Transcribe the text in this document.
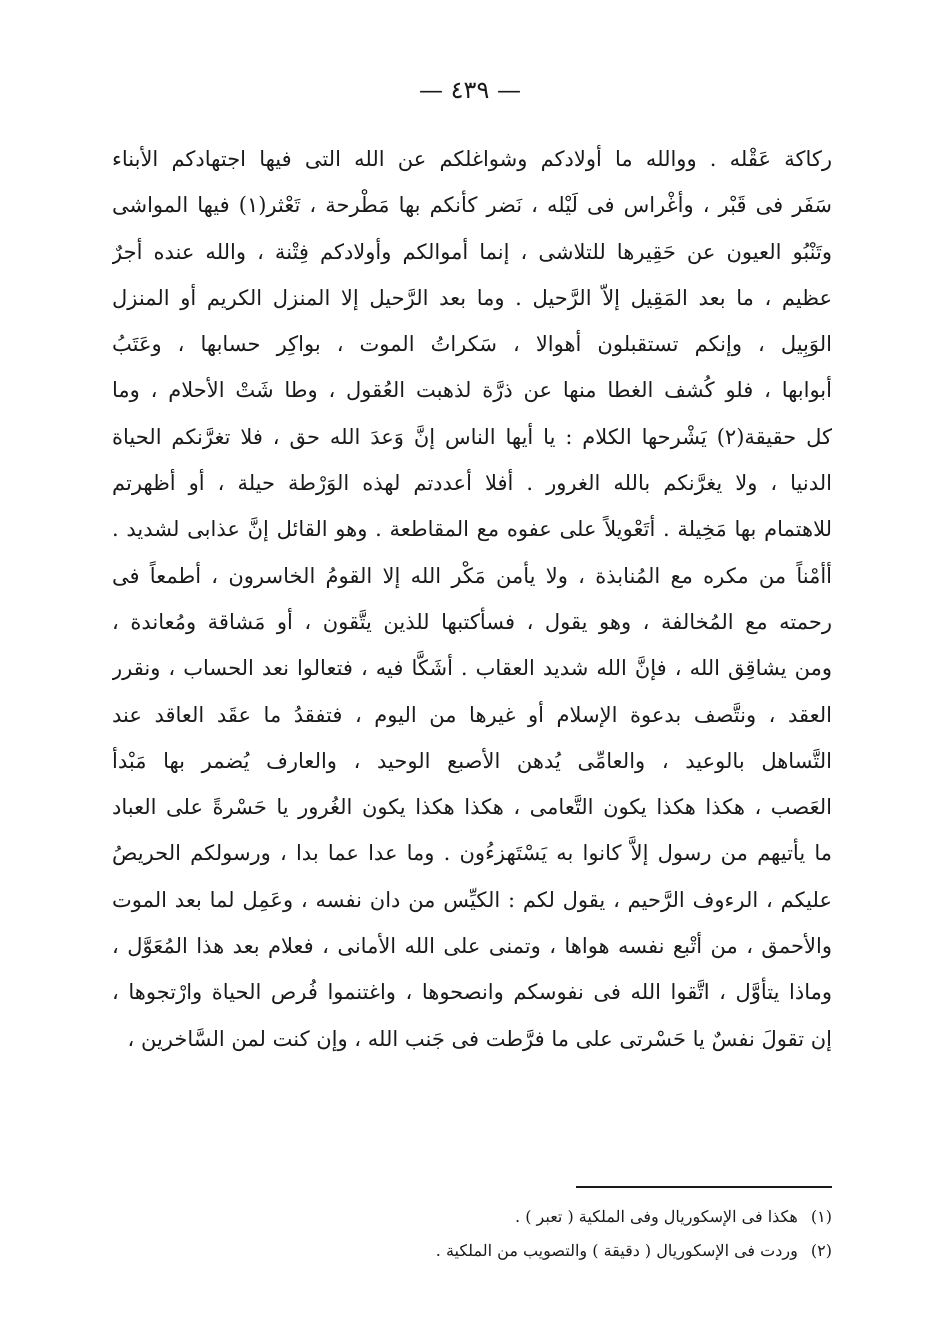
— ٤٣٩ —
ركاكة عَقْله . ووالله ما أولادكم وشواغلكم عن الله التى فيها اجتهادكم الأبناء
سَفَر فى قَبْر ، وأغْراس فى لَيْله ، نَضر كأنكم بها مَطْرحة ، تَعْثر(١) فيها المواشى
وتَنْبُو العيون عن حَقِيرها للتلاشى ، إنما أموالكم وأولادكم فِتْنة ، والله عنده أجرٌ
عظيم ، ما بعد المَقِيل إلاّ الرَّحيل . وما بعد الرَّحيل إلا المنزل الكريم أو المنزل
الوَبِيل ، وإنكم تستقبلون أهوالا ، سَكراتُ الموت ، بواكِر حسابها ، وعَتَبُ
أبوابها ، فلو كُشف الغطا منها عن ذرَّة لذهبت العُقول ، وطا شَتْ الأحلام ، وما
كل حقيقة(٢) يَشْرحها الكلام : يا أيها الناس إنَّ وَعدَ الله حق ، فلا تغرَّنكم الحياة
الدنيا ، ولا يغرَّنكم بالله الغرور . أفلا أعددتم لهذه الوَرْطة حيلة ، أو أظهرتم
للاهتمام بها مَخِيلة . أتَعْويلاً على عفوه مع المقاطعة . وهو القائل إنَّ عذابى لشديد .
أأمْناً من مكره مع المُنابذة ، ولا يأمن مَكْر الله إلا القومُ الخاسرون ، أطمعاً فى
رحمته مع المُخالفة ، وهو يقول ، فسأكتبها للذين يتَّقون ، أو مَشاقة ومُعاندة ،
ومن يشاقِق الله ، فإنَّ الله شديد العقاب . أشَكَّا فيه ، فتعالوا نعد الحساب ، ونقرر
العقد ، ونتَّصف بدعوة الإسلام أو غيرها من اليوم ، فتفقدُ ما عقَد العاقد عند
التَّساهل بالوعيد ، والعامِّى يُدهن الأصبع الوحيد ، والعارف يُضمر بها مَبْدأ
العَصب ، هكذا هكذا يكون التَّعامى ، هكذا هكذا يكون الغُرور يا حَسْرةً على العباد
ما يأتيهم من رسول إلاَّ كانوا به يَسْتَهزءُون . وما عدا عما بدا ، ورسولكم الحريصُ
عليكم ، الرءوف الرَّحيم ، يقول لكم : الكيِّس من دان نفسه ، وعَمِل لما بعد الموت
والأحمق ، من أتْبع نفسه هواها ، وتمنى على الله الأمانى ، فعلام بعد هذا المُعَوَّل ،
وماذا يتأوَّل ، اتَّقوا الله فى نفوسكم وانصحوها ، واغتنموا فُرص الحياة وارْتجوها ،
إن تقولَ نفسٌ يا حَسْرتى على ما فرَّطت فى جَنب الله ، وإن كنت لمن السَّاخرين ،
(١) هكذا فى الإسكوريال وفى الملكية ( تعبر ) .
(٢) وردت فى الإسكوريال ( دقيقة ) والتصويب من الملكية .
